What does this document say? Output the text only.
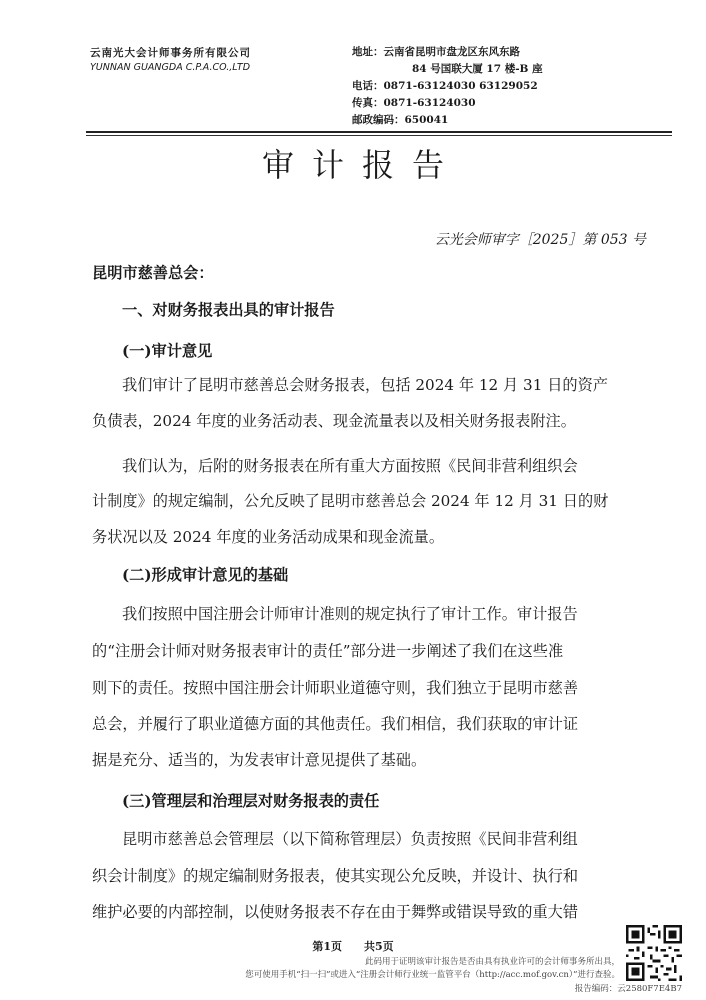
云南光大会计师事务所有限公司
YUNNAN GUANGDA C.P.A.CO.,LTD
地址：云南省昆明市盘龙区东风东路
84 号国联大厦 17 楼-B 座
电话：0871-63124030 63129052
传真：0871-63124030
邮政编码：650041
审计报告
云光会师审字［2025］第 053 号
昆明市慈善总会：
一、对财务报表出具的审计报告
(一)审计意见
我们审计了昆明市慈善总会财务报表，包括 2024 年 12 月 31 日的资产
负债表，2024 年度的业务活动表、现金流量表以及相关财务报表附注。
我们认为，后附的财务报表在所有重大方面按照《民间非营利组织会
计制度》的规定编制，公允反映了昆明市慈善总会 2024 年 12 月 31 日的财
务状况以及 2024 年度的业务活动成果和现金流量。
(二)形成审计意见的基础
我们按照中国注册会计师审计准则的规定执行了审计工作。审计报告
的“注册会计师对财务报表审计的责任”部分进一步阐述了我们在这些准
则下的责任。按照中国注册会计师职业道德守则，我们独立于昆明市慈善
总会，并履行了职业道德方面的其他责任。我们相信，我们获取的审计证
据是充分、适当的，为发表审计意见提供了基础。
(三)管理层和治理层对财务报表的责任
昆明市慈善总会管理层（以下简称管理层）负责按照《民间非营利组
织会计制度》的规定编制财务报表，使其实现公允反映，并设计、执行和
维护必要的内部控制，以使财务报表不存在由于舞弊或错误导致的重大错
第1页　　共5页
此码用于证明该审计报告是否由具有执业许可的会计师事务所出具，
您可使用手机“扫一扫”或进入“注册会计师行业统一监管平台（http://acc.mof.gov.cn）”进行查验。
报告编码：云2580F7E4B7
